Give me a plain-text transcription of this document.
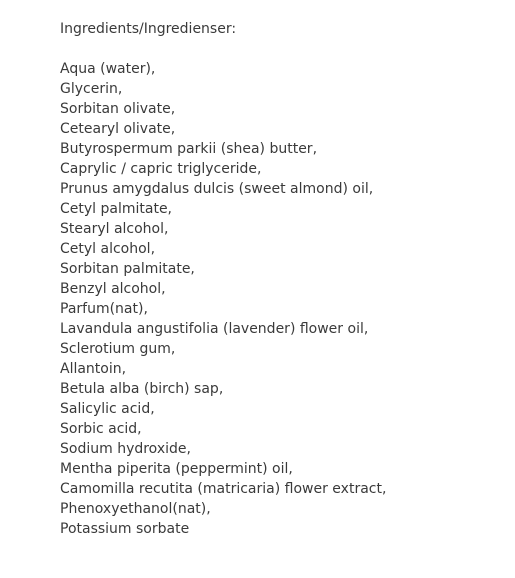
Ingredients/Ingredienser:
Aqua (water),
Glycerin,
Sorbitan olivate,
Cetearyl olivate,
Butyrospermum parkii (shea) butter,
Caprylic / capric triglyceride,
Prunus amygdalus dulcis (sweet almond) oil,
Cetyl palmitate,
Stearyl alcohol,
Cetyl alcohol,
Sorbitan palmitate,
Benzyl alcohol,
Parfum(nat),
Lavandula angustifolia (lavender) flower oil,
Sclerotium gum,
Allantoin,
Betula alba (birch) sap,
Salicylic acid,
Sorbic acid,
Sodium hydroxide,
Mentha piperita (peppermint) oil,
Camomilla recutita (matricaria) flower extract,
Phenoxyethanol(nat),
Potassium sorbate
